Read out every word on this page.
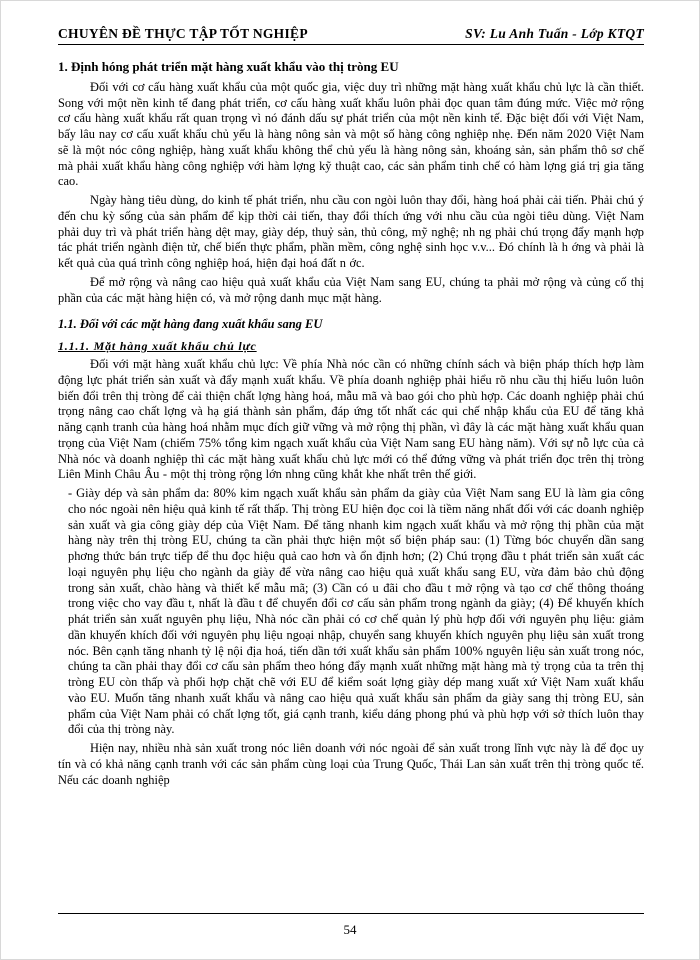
CHUYÊN ĐỀ THỰC TẬP TỐT NGHIỆP	SV: Lu Anh Tuấn - Lớp KTQT
1. Định hóng phát triển mặt hàng xuất khẩu vào thị tròng EU

Đối với cơ cấu hàng xuất khẩu của một quốc gia, việc duy trì những mặt hàng xuất khẩu chủ lực là cần thiết. Song với một nền kinh tế đang phát triển, cơ cấu hàng xuất khẩu luôn phải đọc quan tâm đúng mức. Việc mở rộng cơ cấu hàng xuất khẩu rất quan trọng vì nó đánh dấu sự phát triển của một nền kinh tế. Đặc biệt đối với Việt Nam, bấy lâu nay cơ cấu xuất khẩu chủ yếu là hàng nông sản và một số hàng công nghiệp nhẹ. Đến năm 2020 Việt Nam sẽ là một nóc công nghiệp, hàng xuất khẩu không thể chủ yếu là hàng nông sản, khoáng sản, sản phẩm thô sơ chế mà phải xuất khẩu hàng công nghiệp với hàm lợng kỹ thuật cao, các sản phẩm tinh chế có hàm lợng giá trị gia tăng cao.

Ngày hàng tiêu dùng, do kinh tế phát triển, nhu cầu con ngòi luôn thay đổi, hàng hoá phải cải tiến. Phải chú ý đến chu kỳ sống của sản phẩm để kịp thời cải tiến, thay đổi thích ứng với nhu cầu của ngòi tiêu dùng. Việt Nam phải duy trì và phát triển hàng dệt may, giày dép, thuỷ sản, thủ công, mỹ nghệ; nh ng phải chú trọng đẩy mạnh hợp tác phát triển ngành điện tử, chế biến thực phẩm, phần mềm, công nghệ sinh học v.v... Đó chính là h ớng và phải là kết quả của quá trình công nghiệp hoá, hiện đại hoá đất n ớc.

Để mở rộng và nâng cao hiệu quả xuất khẩu của Việt Nam sang EU, chúng ta phải mở rộng và củng cố thị phần của các mặt hàng hiện có, và mở rộng danh mục mặt hàng.

1.1. Đối với các mặt hàng đang xuất khẩu sang EU
1.1.1. Mặt hàng xuất khẩu chủ lực

Đối với mặt hàng xuất khẩu chủ lực: Về phía Nhà nóc cần có những chính sách và biện pháp thích hợp làm động lực phát triển sản xuất và đẩy mạnh xuất khẩu. Về phía doanh nghiệp phải hiểu rõ nhu cầu thị hiếu luôn luôn biến đổi trên thị tròng để cải thiện chất lợng hàng hoá, mẫu mã và bao gói cho phù hợp. Các doanh nghiệp phải chú trọng nâng cao chất lợng và hạ giá thành sản phẩm, đáp ứng tốt nhất các qui chế nhập khẩu của EU để tăng khả năng cạnh tranh của hàng hoá nhằm mục đích giữ vững và mở rộng thị phần, vì đây là các mặt hàng xuất khẩu quan trọng của Việt Nam (chiếm 75% tổng kim ngạch xuất khẩu của Việt Nam sang EU hàng năm). Với sự nỗ lực của cả Nhà nóc và doanh nghiệp thì các mặt hàng xuất khẩu chủ lực mới có thể đứng vững và phát triển đọc trên thị tròng Liên Minh Châu Âu - một thị tròng rộng lớn nhng cũng khắt khe nhất trên thế giới.

- Giày dép và sản phẩm da: 80% kim ngạch xuất khẩu sản phẩm da giày của Việt Nam sang EU là làm gia công cho nóc ngoài nên hiệu quả kinh tế rất thấp. Thị tròng EU hiện đọc coi là tiềm năng nhất đối với các doanh nghiệp sản xuất và gia công giày dép của Việt Nam. Để tăng nhanh kim ngạch xuất khẩu và mở rộng thị phần của mặt hàng này trên thị tròng EU, chúng ta cần phải thực hiện một số biện pháp sau: (1) Từng bóc chuyển dần sang phơng thức bán trực tiếp để thu đọc hiệu quả cao hơn và ổn định hơn; (2) Chú trọng đầu t phát triển sản xuất các loại nguyên phụ liệu cho ngành da giày để vừa nâng cao hiệu quả xuất khẩu sang EU, vừa đảm bảo chủ động trong sản xuất, chào hàng và thiết kế mẫu mã; (3) Cần có u đãi cho đầu t mở rộng và tạo cơ chế thông thoáng trong việc cho vay đầu t, nhất là đầu t để chuyển đổi cơ cấu sản phẩm trong ngành da giày; (4) Để khuyến khích phát triển sản xuất nguyên phụ liệu, Nhà nóc cần phải có cơ chế quản lý phù hợp đối với nguyên phụ liệu: giảm dần khuyến khích đối với nguyên phụ liệu ngoại nhập, chuyển sang khuyến khích nguyên phụ liệu sản xuất trong nóc. Bên cạnh tăng nhanh tỷ lệ nội địa hoá, tiến dần tới xuất khẩu sản phẩm 100% nguyên liệu sản xuất trong nóc, chúng ta cần phải thay đổi cơ cấu sản phẩm theo hóng đẩy mạnh xuất những mặt hàng mà tỷ trọng của ta trên thị tròng EU còn thấp và phối hợp chặt chẽ với EU để kiểm soát lợng giày dép mang xuất xứ Việt Nam xuất khẩu vào EU. Muốn tăng nhanh xuất khẩu và nâng cao hiệu quả xuất khẩu sản phẩm da giày sang thị tròng EU, sản phẩm của Việt Nam phải có chất lợng tốt, giá cạnh tranh, kiểu dáng phong phú và phù hợp với sở thích luôn thay đổi của thị tròng này.

Hiện nay, nhiều nhà sản xuất trong nóc liên doanh với nóc ngoài để sản xuất trong lĩnh vực này là để đọc uy tín và có khả năng cạnh tranh với các sản phẩm cùng loại của Trung Quốc, Thái Lan sản xuất trên thị tròng quốc tế. Nếu các doanh nghiệp

54
